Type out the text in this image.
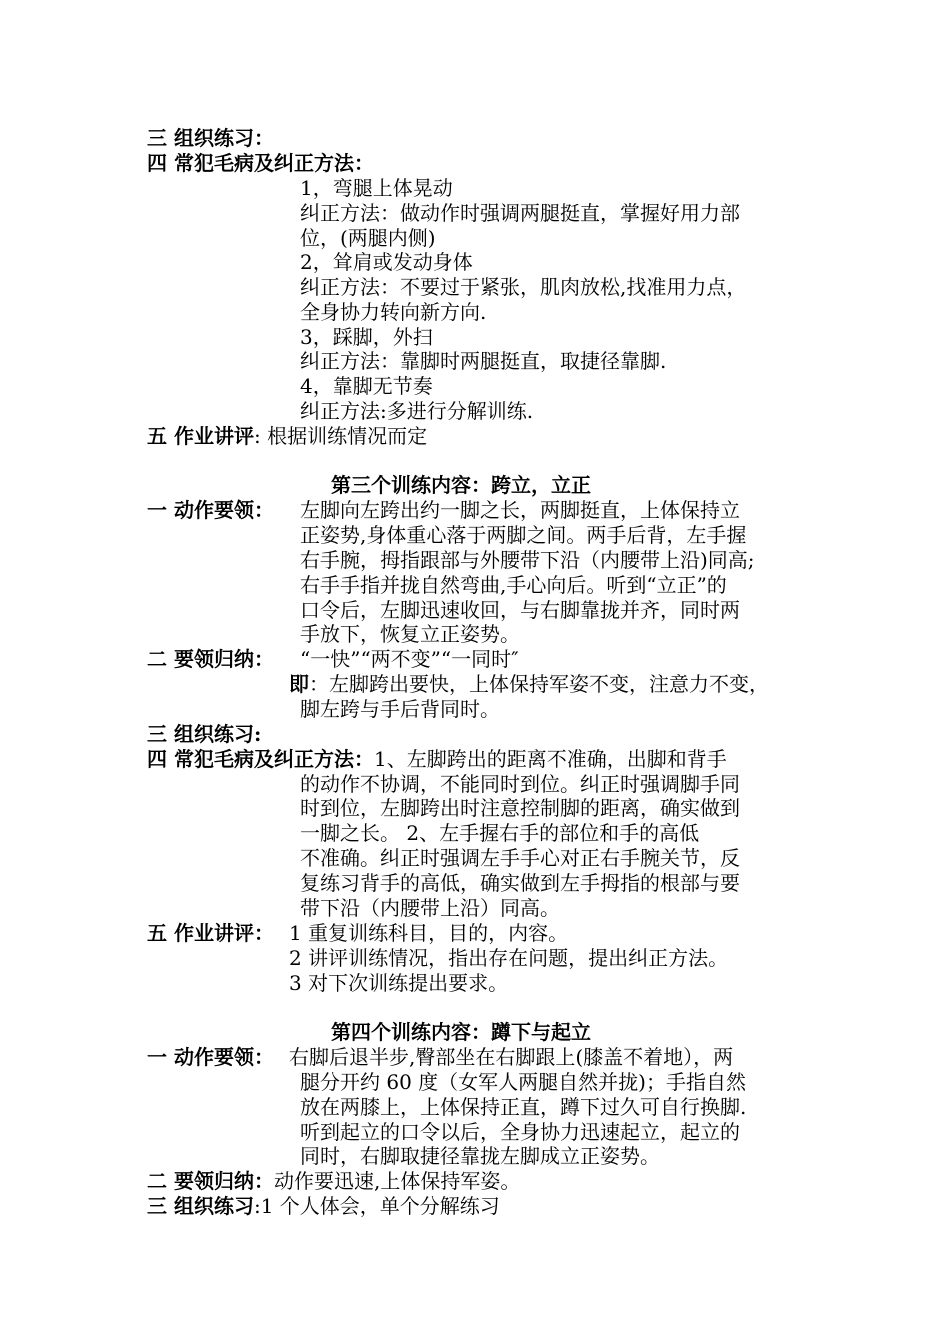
三 组织练习：
四 常犯毛病及纠正方法：
1，弯腿上体晃动
纠正方法：做动作时强调两腿挺直，掌握好用力部
位，(两腿内侧)
2，耸肩或发动身体
纠正方法：不要过于紧张，肌肉放松,找准用力点，
全身协力转向新方向.
3，踩脚，外扫
纠正方法：靠脚时两腿挺直，取捷径靠脚.
4，靠脚无节奏
纠正方法:多进行分解训练.
五 作业讲评: 根据训练情况而定
第三个训练内容：跨立，立正
一 动作要领： 左脚向左跨出约一脚之长，两脚挺直，上体保持立
正姿势,身体重心落于两脚之间。两手后背，左手握
右手腕，拇指跟部与外腰带下沿（内腰带上沿)同高;
右手手指并拢自然弯曲,手心向后。听到“立正”的
口令后，左脚迅速收回，与右脚靠拢并齐，同时两
手放下，恢复立正姿势。
二 要领归纳： “一快”“两不变”“一同时″
即：左脚跨出要快，上体保持军姿不变，注意力不变，
脚左跨与手后背同时。
三 组织练习:
四 常犯毛病及纠正方法：1、左脚跨出的距离不准确，出脚和背手
的动作不协调，不能同时到位。纠正时强调脚手同
时到位，左脚跨出时注意控制脚的距离，确实做到
一脚之长。 2、左手握右手的部位和手的高低
不准确。纠正时强调左手手心对正右手腕关节，反
复练习背手的高低，确实做到左手拇指的根部与要
带下沿（内腰带上沿）同高。
五 作业讲评： 1 重复训练科目，目的，内容。
2 讲评训练情况，指出存在问题，提出纠正方法。
3 对下次训练提出要求。
第四个训练内容：蹲下与起立
一 动作要领： 右脚后退半步,臀部坐在右脚跟上(膝盖不着地），两
腿分开约 60 度（女军人两腿自然并拢)；手指自然
放在两膝上，上体保持正直，蹲下过久可自行换脚.
听到起立的口令以后，全身协力迅速起立，起立的
同时，右脚取捷径靠拢左脚成立正姿势。
二 要领归纳：动作要迅速,上体保持军姿。
三 组织练习:1 个人体会，单个分解练习
